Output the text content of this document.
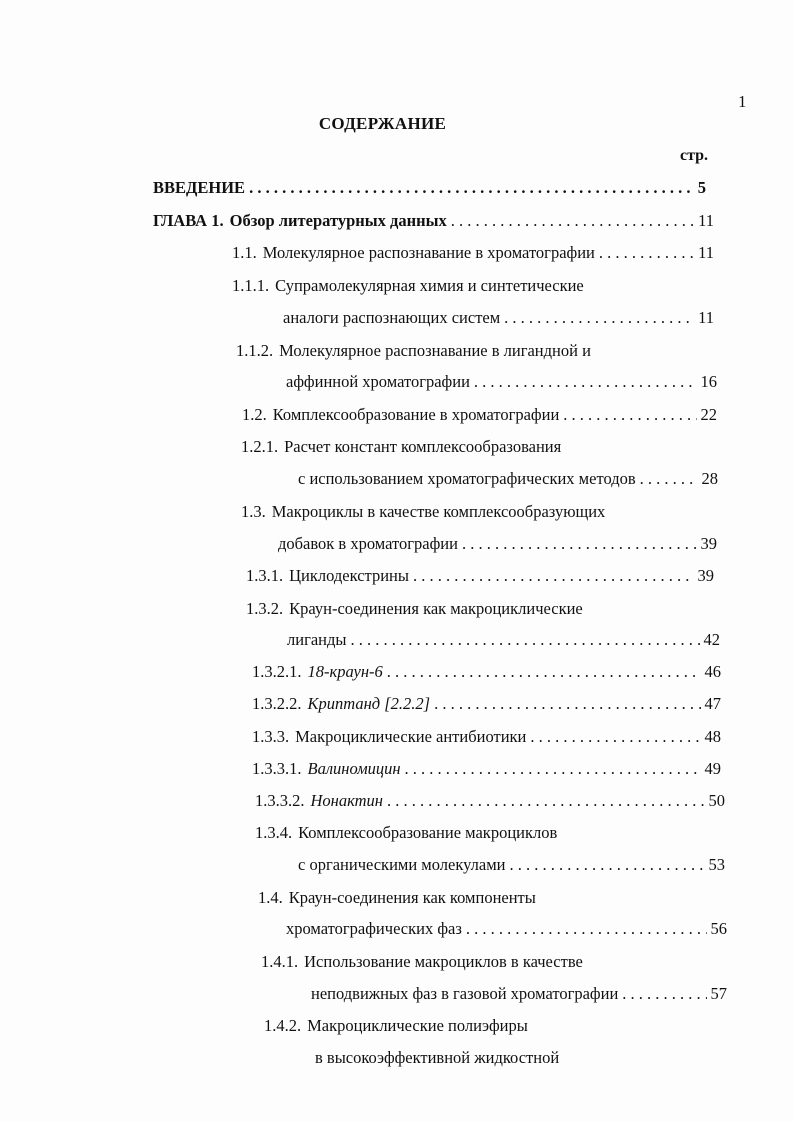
1
СОДЕРЖАНИЕ
стр.
ВВЕДЕНИЕ . . .	5
ГЛАВА 1. Обзор литературных данных . . .	11
1.1. Молекулярное распознавание в хроматографии . . .	11
1.1.1. Супрамолекулярная химия и синтетические
аналоги распознающих систем . . .	11
1.1.2. Молекулярное распознавание в лигандной и
аффинной хроматографии . . .	16
1.2. Комплексообразование в хроматографии . . .	22
1.2.1. Расчет констант комплексообразования
с использованием хроматографических методов . . .	28
1.3. Макроциклы в качестве комплексообразующих
добавок в хроматографии . . .	39
1.3.1. Циклодекстрины . . .	39
1.3.2. Краун-соединения как макроциклические
лиганды . . .	42
1.3.2.1. 18-краун-6 . . .	46
1.3.2.2. Криптанд [2.2.2] . . .	47
1.3.3. Макроциклические антибиотики . . .	48
1.3.3.1. Валиномицин . . .	49
1.3.3.2. Нонактин . . .	50
1.3.4. Комплексообразование макроциклов
с органическими молекулами . . .	53
1.4. Краун-соединения как компоненты
хроматографических фаз . . .	56
1.4.1. Использование макроциклов в качестве
неподвижных фаз в газовой хроматографии . . .	57
1.4.2. Макроциклические полиэфиры
в высокоэффективной жидкостной
